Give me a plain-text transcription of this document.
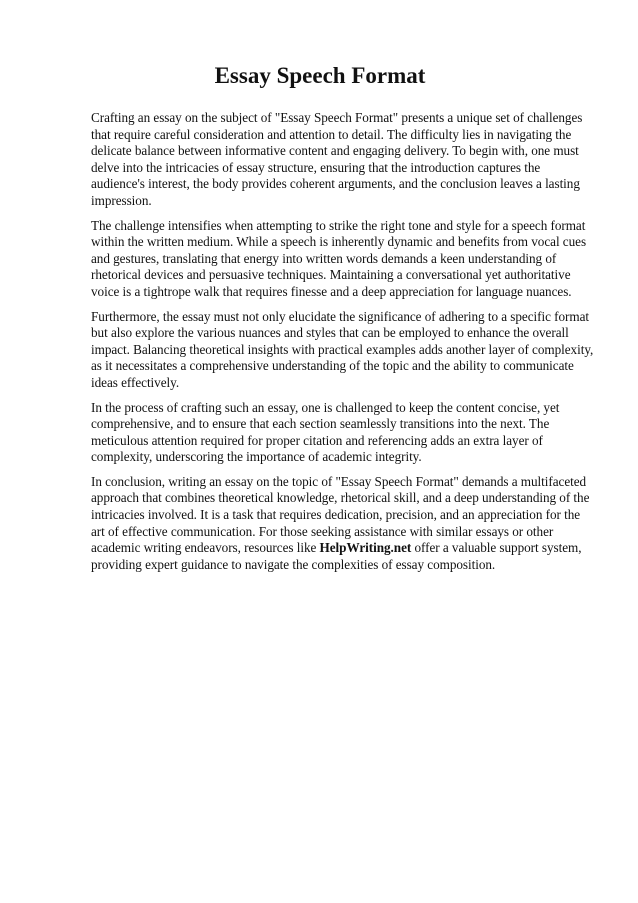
Essay Speech Format

Crafting an essay on the subject of "Essay Speech Format" presents a unique set of challenges that require careful consideration and attention to detail. The difficulty lies in navigating the delicate balance between informative content and engaging delivery. To begin with, one must delve into the intricacies of essay structure, ensuring that the introduction captures the audience's interest, the body provides coherent arguments, and the conclusion leaves a lasting impression.

The challenge intensifies when attempting to strike the right tone and style for a speech format within the written medium. While a speech is inherently dynamic and benefits from vocal cues and gestures, translating that energy into written words demands a keen understanding of rhetorical devices and persuasive techniques. Maintaining a conversational yet authoritative voice is a tightrope walk that requires finesse and a deep appreciation for language nuances.

Furthermore, the essay must not only elucidate the significance of adhering to a specific format but also explore the various nuances and styles that can be employed to enhance the overall impact. Balancing theoretical insights with practical examples adds another layer of complexity, as it necessitates a comprehensive understanding of the topic and the ability to communicate ideas effectively.

In the process of crafting such an essay, one is challenged to keep the content concise, yet comprehensive, and to ensure that each section seamlessly transitions into the next. The meticulous attention required for proper citation and referencing adds an extra layer of complexity, underscoring the importance of academic integrity.

In conclusion, writing an essay on the topic of "Essay Speech Format" demands a multifaceted approach that combines theoretical knowledge, rhetorical skill, and a deep understanding of the intricacies involved. It is a task that requires dedication, precision, and an appreciation for the art of effective communication. For those seeking assistance with similar essays or other academic writing endeavors, resources like HelpWriting.net offer a valuable support system, providing expert guidance to navigate the complexities of essay composition.
